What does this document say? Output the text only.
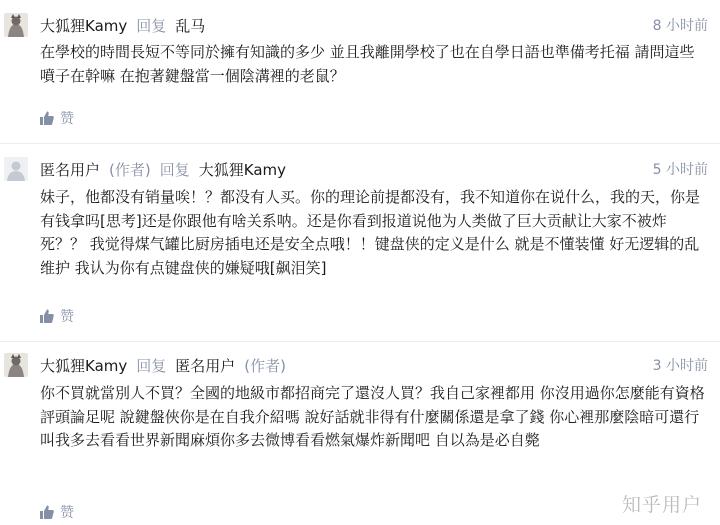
大狐狸Kamy 回复 乱马	8 小时前
在學校的時間長短不等同於擁有知識的多少 並且我離開學校了也在自學日語也準備考托福 請問這些噴子在幹嘛 在抱著鍵盤當一個陰溝裡的老鼠？
赞
匿名用户 (作者) 回复 大狐狸Kamy	5 小时前
妹子，他都没有销量唉！？都没有人买。你的理论前提都没有，我不知道你在说什么，我的天，你是有钱拿吗[思考]还是你跟他有啥关系呐。还是你看到报道说他为人类做了巨大贡献让大家不被炸死？？ 我觉得煤气罐比厨房插电还是安全点哦！！键盘侠的定义是什么 就是不懂装懂 好无逻辑的乱维护 我认为你有点键盘侠的嫌疑哦[飙泪笑]
赞
大狐狸Kamy 回复 匿名用户 (作者)	3 小时前
你不買就當別人不買？全國的地級市都招商完了還沒人買？我自己家裡都用 你沒用過你怎麼能有資格評頭論足呢 說鍵盤俠你是在自我介紹嗎 說好話就非得有什麼關係還是拿了錢 你心裡那麼陰暗可還行 叫我多去看看世界新聞麻煩你多去微博看看燃氣爆炸新聞吧 自以為是必自斃
赞	知乎用户
